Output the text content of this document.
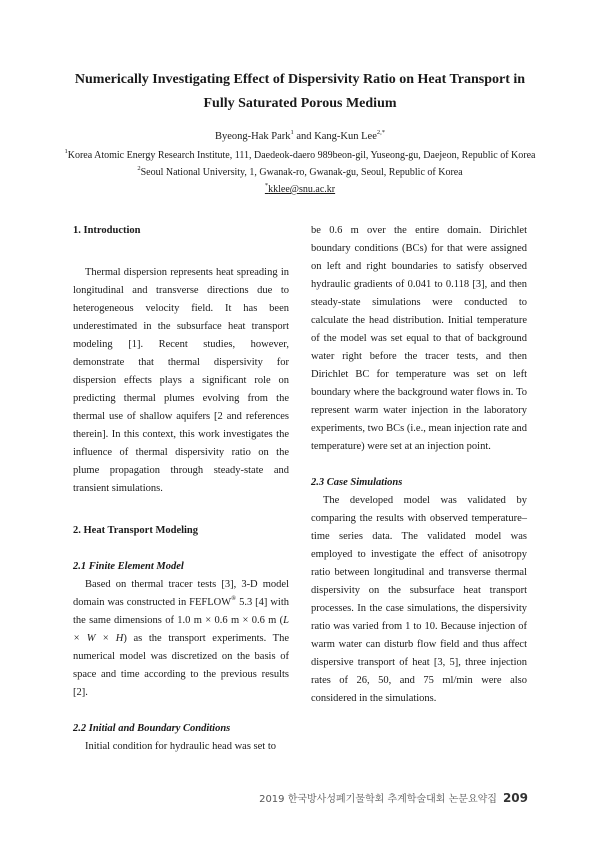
Numerically Investigating Effect of Dispersivity Ratio on Heat Transport in
Fully Saturated Porous Medium
Byeong-Hak Park$^1$ and Kang-Kun Lee$^{2,*}$
$^1$Korea Atomic Energy Research Institute, 111, Daedeok-daero 989beon-gil, Yuseong-gu, Daejeon, Republic of Korea
$^2$Seoul National University, 1, Gwanak-ro, Gwanak-gu, Seoul, Republic of Korea
*kklee@snu.ac.kr

1. Introduction

Thermal dispersion represents heat spreading in longitudinal and transverse directions due to heterogeneous velocity field. It has been underestimated in the subsurface heat transport modeling [1]. Recent studies, however, demonstrate that thermal dispersivity for dispersion effects plays a significant role on predicting thermal plumes evolving from the thermal use of shallow aquifers [2 and references therein]. In this context, this work investigates the influence of thermal dispersivity ratio on the plume propagation through steady-state and transient simulations.

2. Heat Transport Modeling

2.1 Finite Element Model

Based on thermal tracer tests [3], 3-D model domain was constructed in FEFLOW® 5.3 [4] with the same dimensions of 1.0 m × 0.6 m × 0.6 m (L × W × H) as the transport experiments. The numerical model was discretized on the basis of space and time according to the previous results [2].

2.2 Initial and Boundary Conditions

Initial condition for hydraulic head was set to

be 0.6 m over the entire domain. Dirichlet boundary conditions (BCs) for that were assigned on left and right boundaries to satisfy observed hydraulic gradients of 0.041 to 0.118 [3], and then steady-state simulations were conducted to calculate the head distribution. Initial temperature of the model was set equal to that of background water right before the tracer tests, and then Dirichlet BC for temperature was set on left boundary where the background water flows in. To represent warm water injection in the laboratory experiments, two BCs (i.e., mean injection rate and temperature) were set at an injection point.

2.3 Case Simulations

The developed model was validated by comparing the results with observed temperature–time series data. The validated model was employed to investigate the effect of anisotropy ratio between longitudinal and transverse thermal dispersivity on the subsurface heat transport processes. In the case simulations, the dispersivity ratio was varied from 1 to 10. Because injection of warm water can disturb flow field and thus affect dispersive transport of heat [3, 5], three injection rates of 26, 50, and 75 ml/min were also considered in the simulations.

2019 한국방사성폐기물학회 추계학술대회 논문요약집 209
